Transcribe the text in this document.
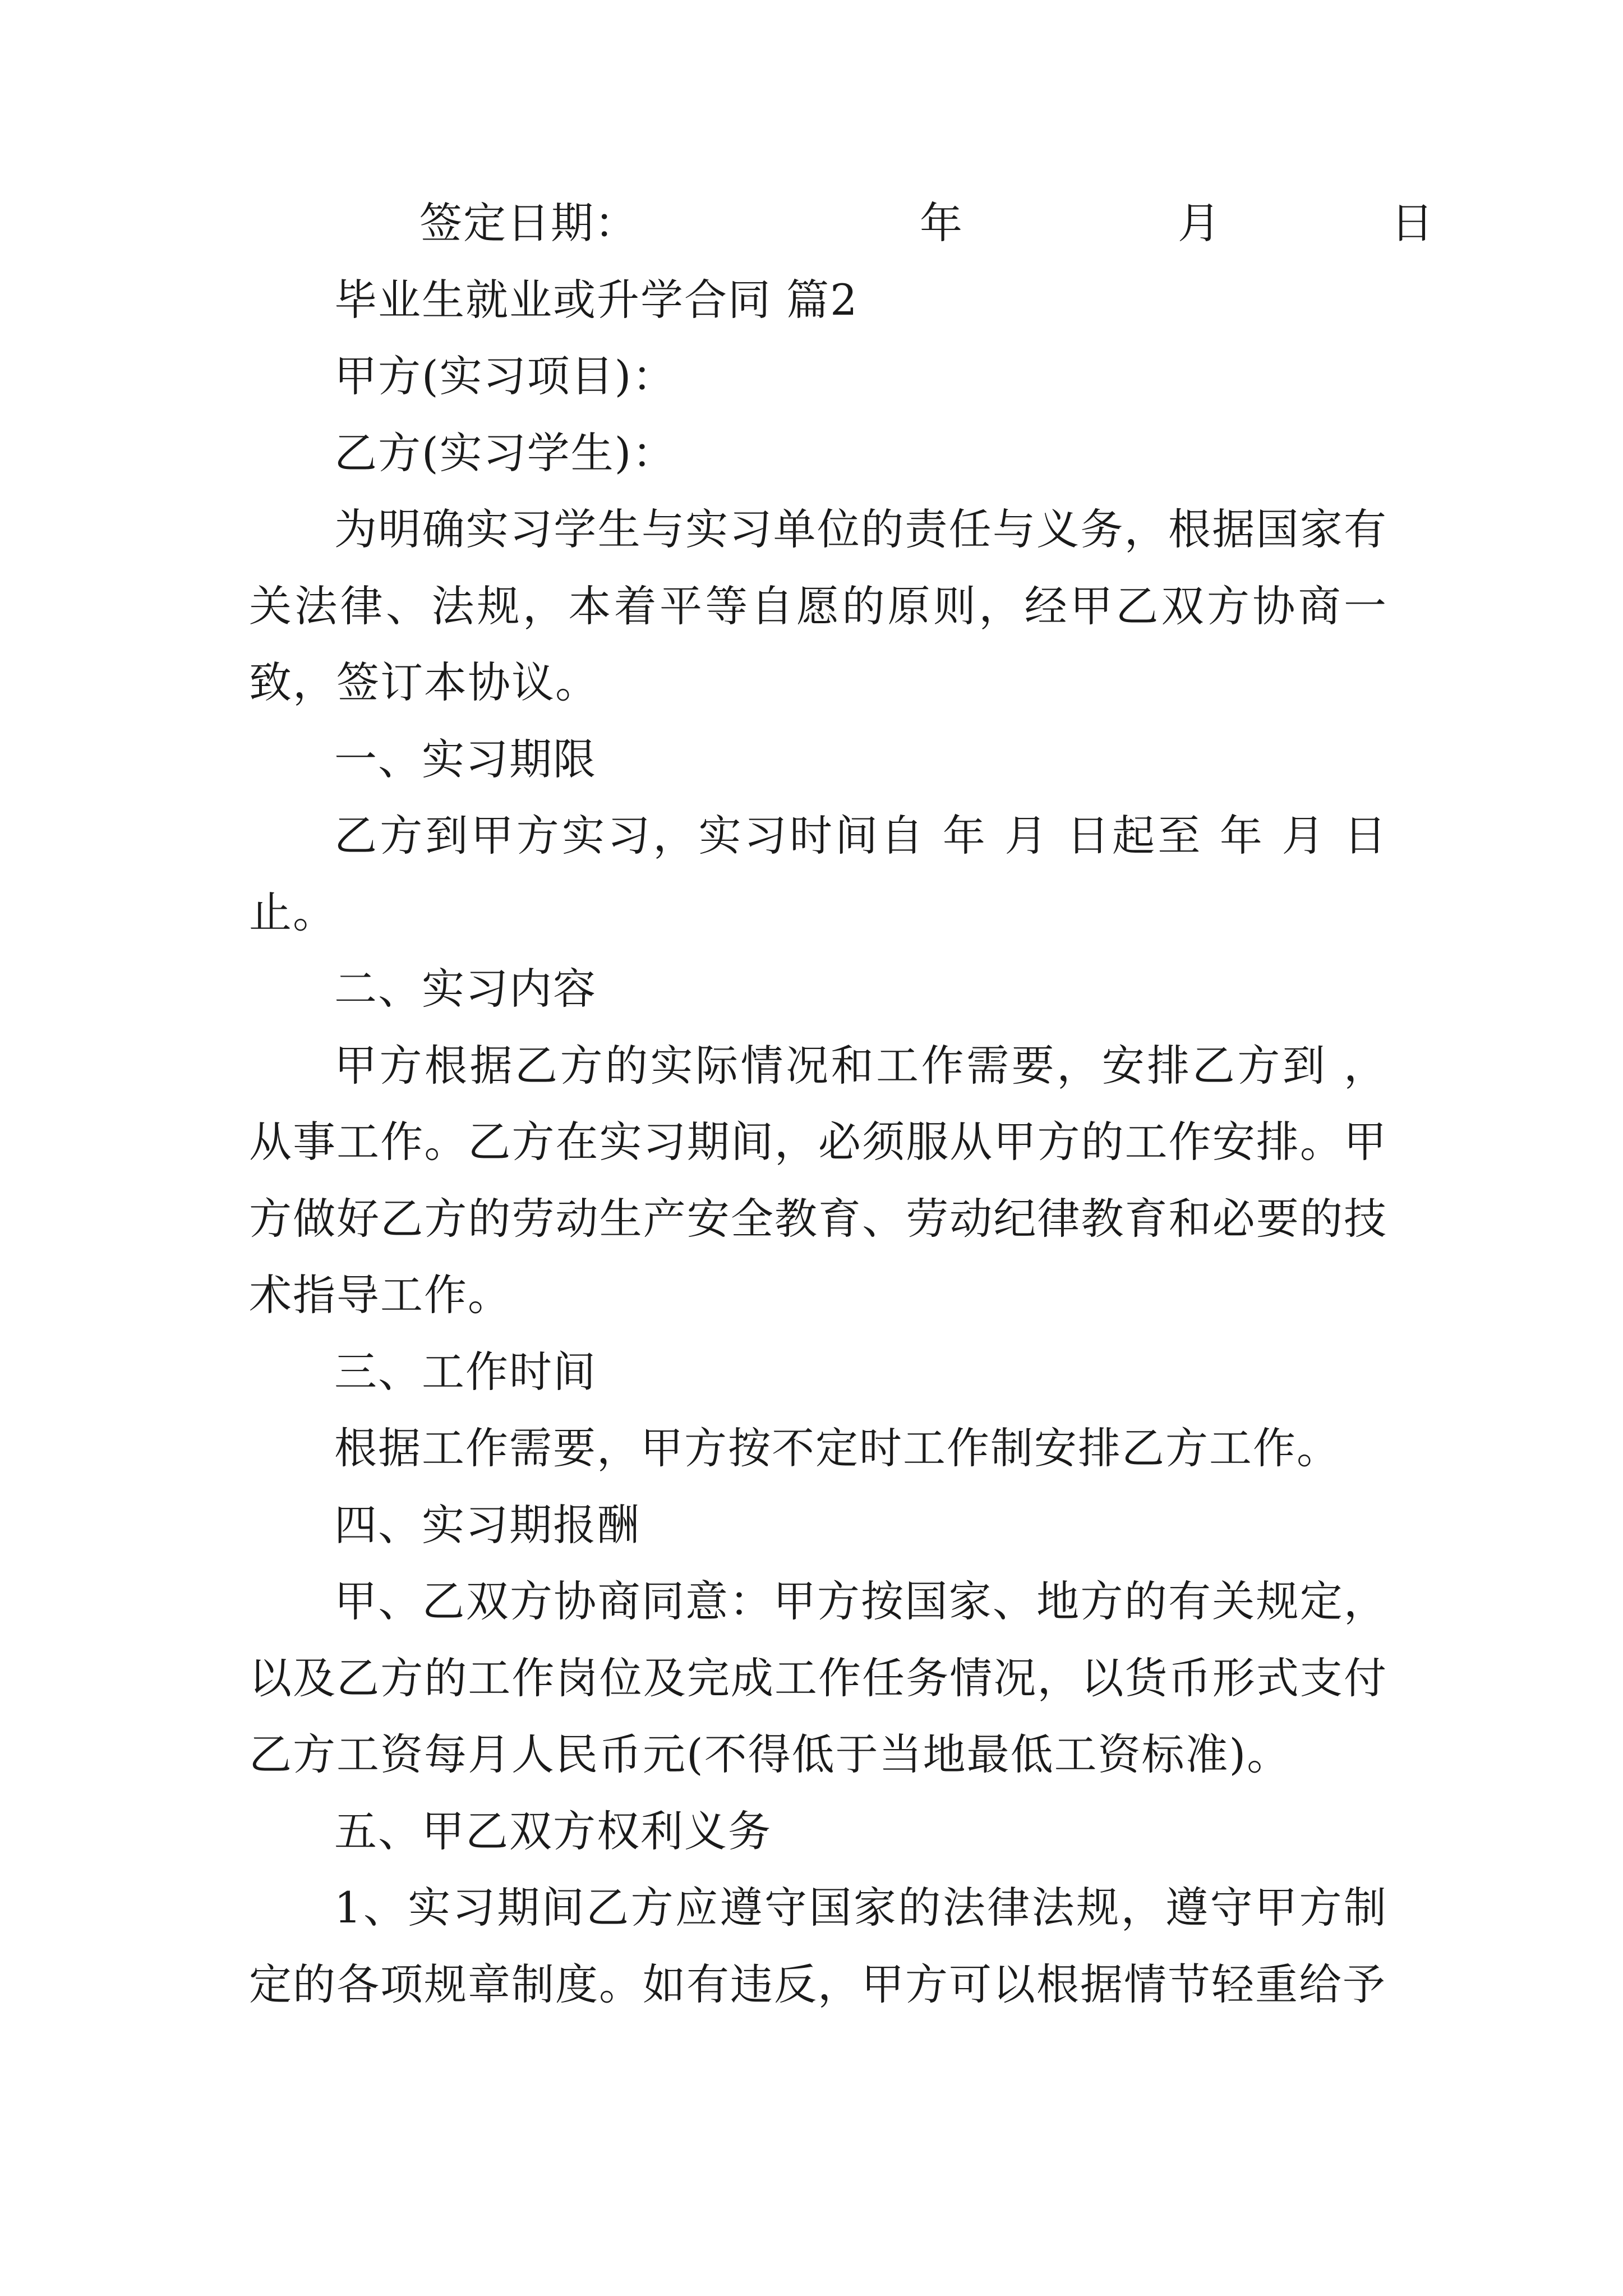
签定日期：	年	月	日

毕业生就业或升学合同 篇2

甲方(实习项目)：

乙方(实习学生)：

为明确实习学生与实习单位的责任与义务，根据国家有关法律、法规，本着平等自愿的原则，经甲乙双方协商一致，签订本协议。

一、实习期限

乙方到甲方实习，实习时间自 年 月 日起至 年 月 日止。

二、实习内容

甲方根据乙方的实际情况和工作需要，安排乙方到 ，从事工作。乙方在实习期间，必须服从甲方的工作安排。甲方做好乙方的劳动生产安全教育、劳动纪律教育和必要的技术指导工作。

三、工作时间

根据工作需要，甲方按不定时工作制安排乙方工作。

四、实习期报酬

甲、乙双方协商同意：甲方按国家、地方的有关规定，以及乙方的工作岗位及完成工作任务情况，以货币形式支付乙方工资每月人民币元(不得低于当地最低工资标准)。

五、甲乙双方权利义务

1、实习期间乙方应遵守国家的法律法规，遵守甲方制定的各项规章制度。如有违反，甲方可以根据情节轻重给予
